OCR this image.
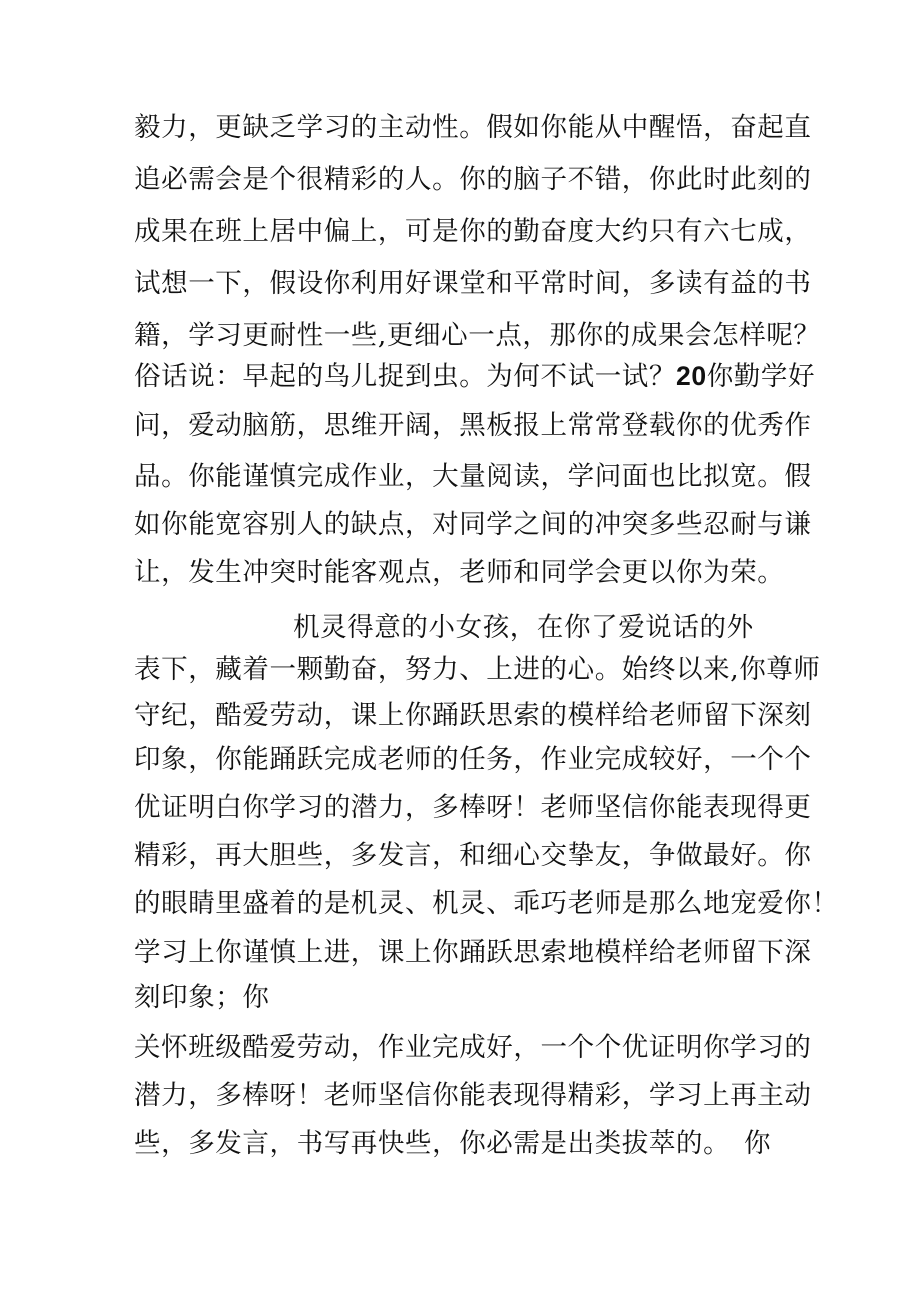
毅力，更缺乏学习的主动性。假如你能从中醒悟，奋起直
追必需会是个很精彩的人。你的脑子不错，你此时此刻的
成果在班上居中偏上，可是你的勤奋度大约只有六七成，
试想一下，假设你利用好课堂和平常时间，多读有益的书
籍，学习更耐性一些,更细心一点，那你的成果会怎样呢？
俗话说：早起的鸟儿捉到虫。为何不试一试？20你勤学好
问，爱动脑筋，思维开阔，黑板报上常常登载你的优秀作
品。你能谨慎完成作业，大量阅读，学问面也比拟宽。假
如你能宽容别人的缺点，对同学之间的冲突多些忍耐与谦
让，发生冲突时能客观点，老师和同学会更以你为荣。
机灵得意的小女孩，在你了爱说话的外
表下，藏着一颗勤奋，努力、上进的心。始终以来,你尊师
守纪，酷爱劳动，课上你踊跃思索的模样给老师留下深刻
印象，你能踊跃完成老师的任务，作业完成较好，一个个
优证明白你学习的潜力，多棒呀！老师坚信你能表现得更
精彩，再大胆些，多发言，和细心交挚友，争做最好。你
的眼睛里盛着的是机灵、机灵、乖巧老师是那么地宠爱你！
学习上你谨慎上进，课上你踊跃思索地模样给老师留下深
刻印象；你
关怀班级酷爱劳动，作业完成好，一个个优证明你学习的
潜力，多棒呀！老师坚信你能表现得精彩，学习上再主动
些，多发言，书写再快些，你必需是出类拔萃的。 你
